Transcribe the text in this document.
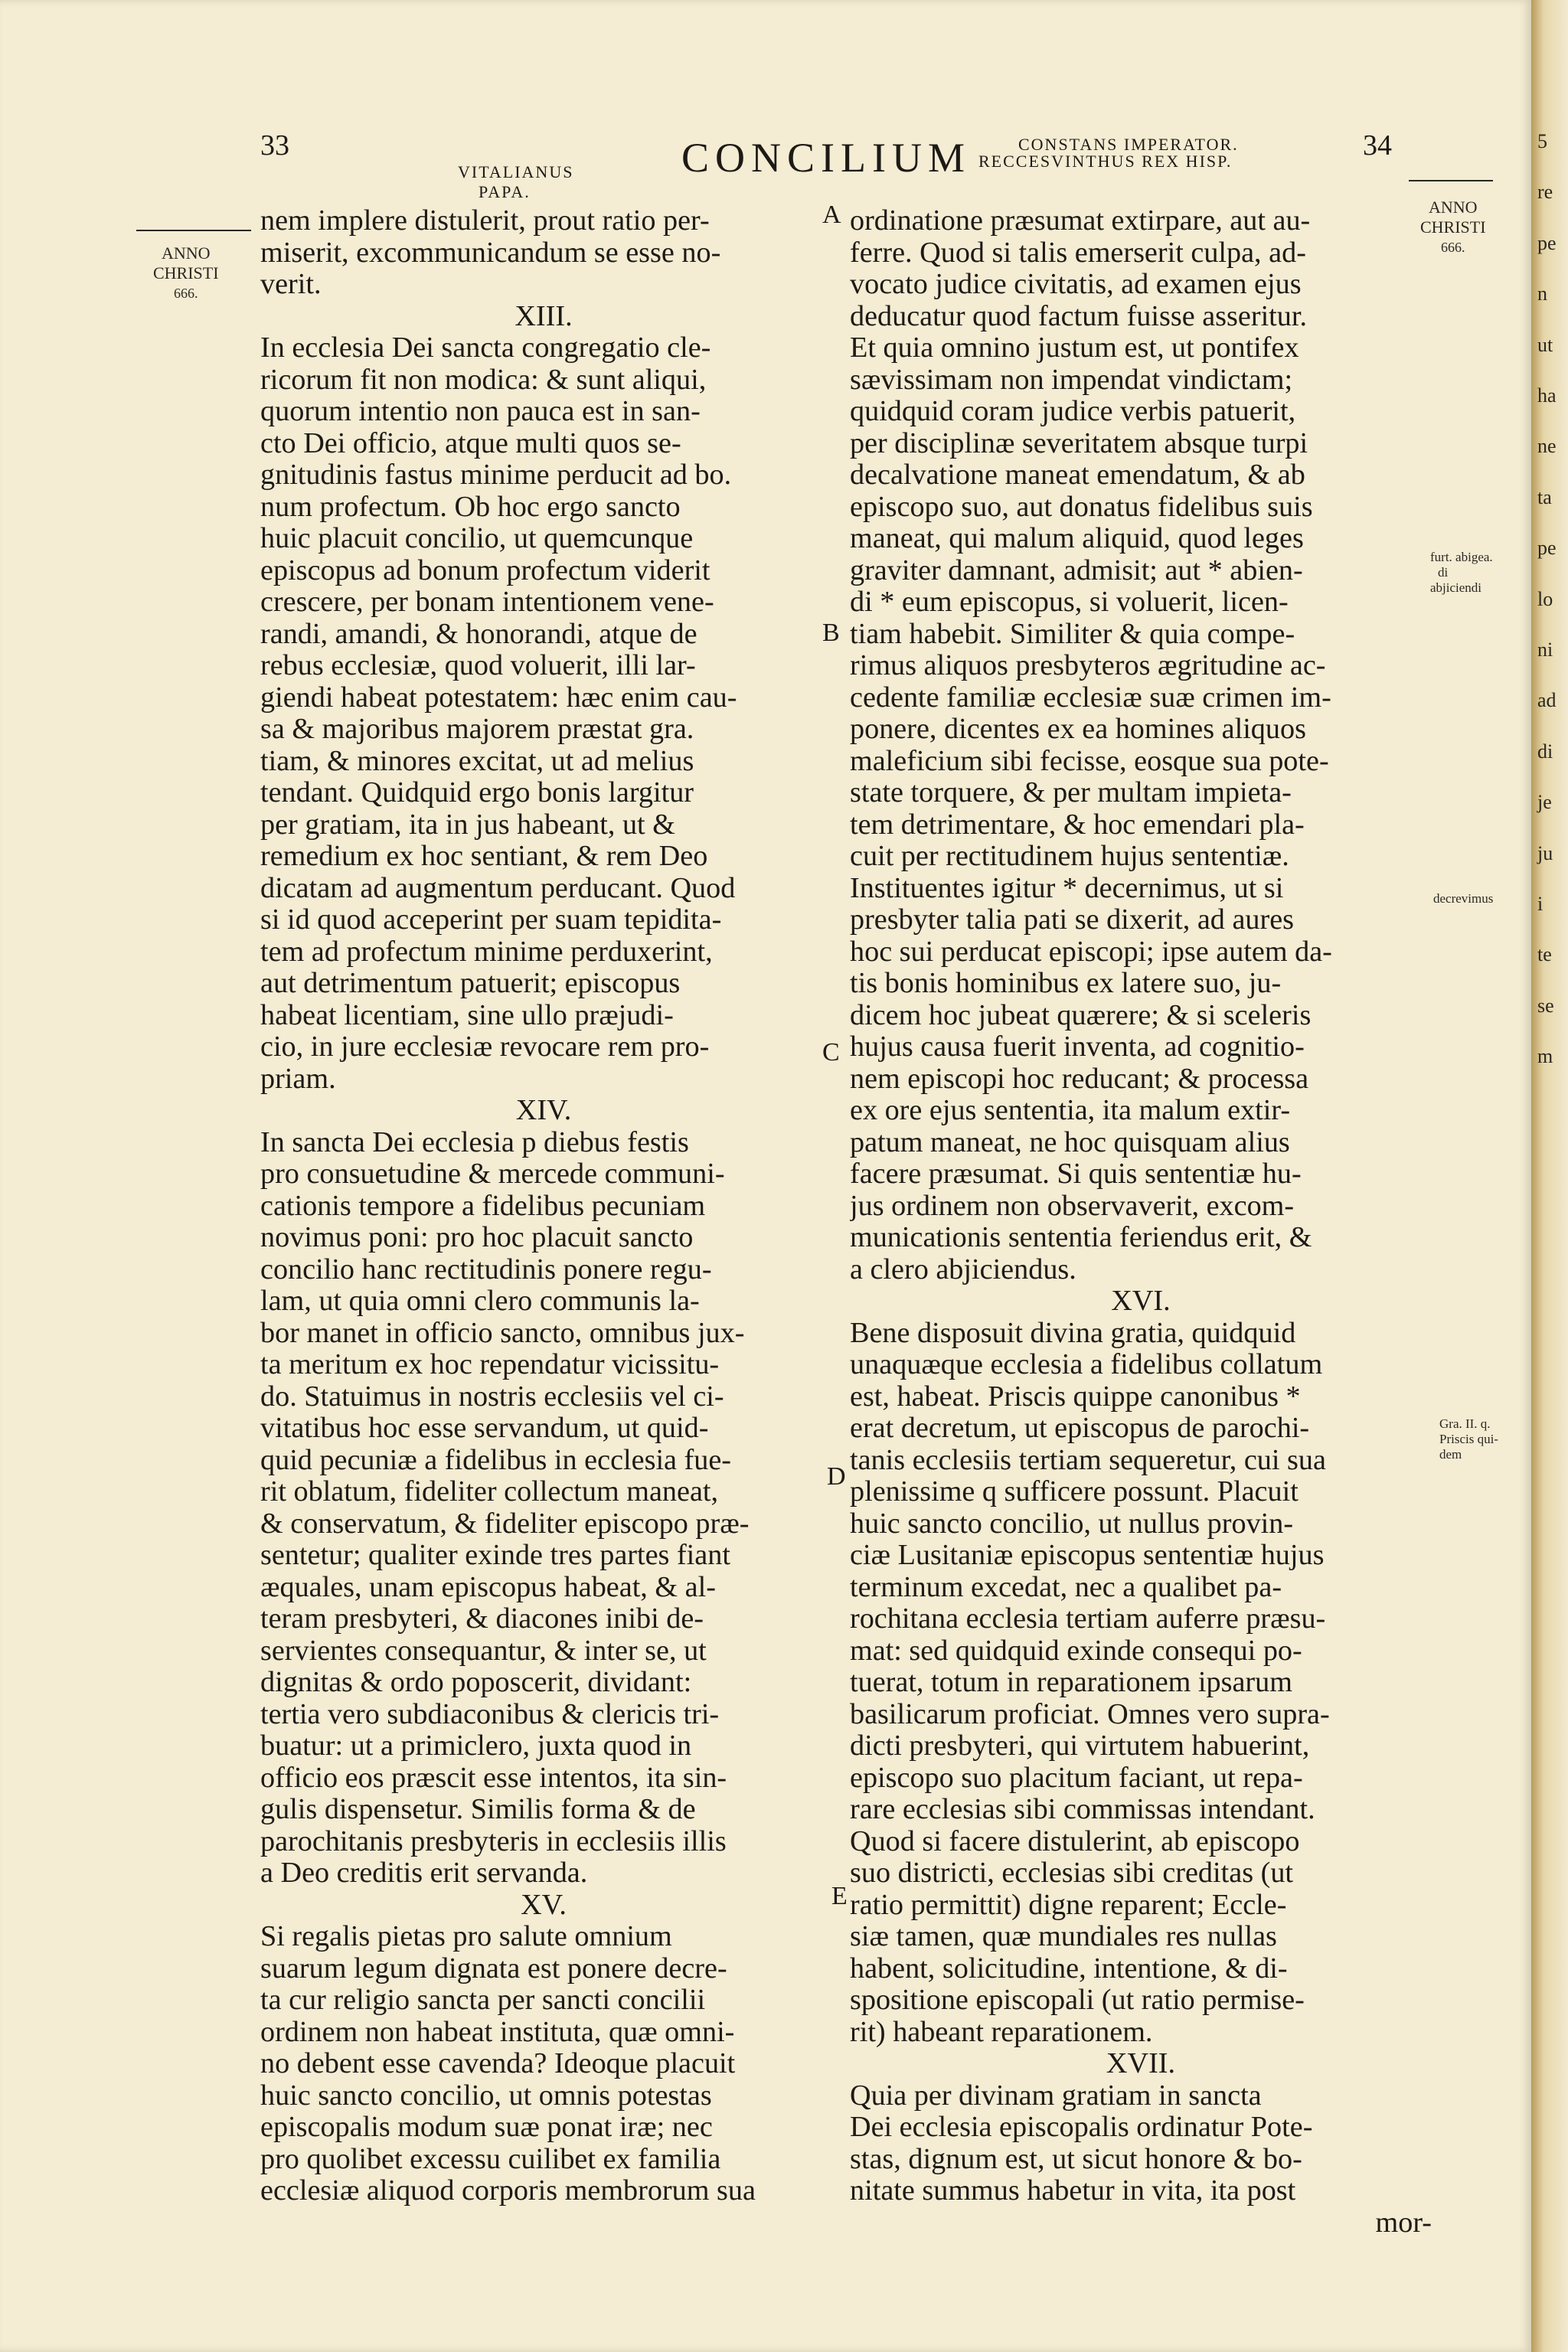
33
VITALIANUS
PAPA.
CONCILIUM	CONSTANS IMPERATOR.
RECCESVINTHUS REX HISP.	34
ANNO
CHRISTI
666.
ANNO
CHRISTI
666.
furt. abigea.
di
abjiciendi
decrevimus
Gra. II. q.
Priscis qui-
dem
A
B
C
D
E
nem implere distulerit, prout ratio per-
miserit, excommunicandum se esse no-
verit.
XIII.
In ecclesia Dei sancta congregatio cle-
ricorum fit non modica: & sunt aliqui,
quorum intentio non pauca est in san-
cto Dei officio, atque multi quos se-
gnitudinis fastus minime perducit ad bo.
num profectum. Ob hoc ergo sancto
huic placuit concilio, ut quemcunque
episcopus ad bonum profectum viderit
crescere, per bonam intentionem vene-
randi, amandi, & honorandi, atque de
rebus ecclesiæ, quod voluerit, illi lar-
giendi habeat potestatem: hæc enim cau-
sa & majoribus majorem præstat gra.
tiam, & minores excitat, ut ad melius
tendant. Quidquid ergo bonis largitur
per gratiam, ita in jus habeant, ut &
remedium ex hoc sentiant, & rem Deo
dicatam ad augmentum perducant. Quod
si id quod acceperint per suam tepidita-
tem ad profectum minime perduxerint,
aut detrimentum patuerit; episcopus
habeat licentiam, sine ullo præjudi-
cio, in jure ecclesiæ revocare rem pro-
priam.
XIV.
In sancta Dei ecclesia p diebus festis
pro consuetudine & mercede communi-
cationis tempore a fidelibus pecuniam
novimus poni: pro hoc placuit sancto
concilio hanc rectitudinis ponere regu-
lam, ut quia omni clero communis la-
bor manet in officio sancto, omnibus jux-
ta meritum ex hoc rependatur vicissitu-
do. Statuimus in nostris ecclesiis vel ci-
vitatibus hoc esse servandum, ut quid-
quid pecuniæ a fidelibus in ecclesia fue-
rit oblatum, fideliter collectum maneat,
& conservatum, & fideliter episcopo præ-
sentetur; qualiter exinde tres partes fiant
æquales, unam episcopus habeat, & al-
teram presbyteri, & diacones inibi de-
servientes consequantur, & inter se, ut
dignitas & ordo poposcerit, dividant:
tertia vero subdiaconibus & clericis tri-
buatur: ut a primiclero, juxta quod in
officio eos præscit esse intentos, ita sin-
gulis dispensetur. Similis forma & de
parochitanis presbyteris in ecclesiis illis
a Deo creditis erit servanda.
XV.
Si regalis pietas pro salute omnium
suarum legum dignata est ponere decre-
ta cur religio sancta per sancti concilii
ordinem non habeat instituta, quæ omni-
no debent esse cavenda? Ideoque placuit
huic sancto concilio, ut omnis potestas
episcopalis modum suæ ponat iræ; nec
pro quolibet excessu cuilibet ex familia
ecclesiæ aliquod corporis membrorum sua
ordinatione præsumat extirpare, aut au-
ferre. Quod si talis emerserit culpa, ad-
vocato judice civitatis, ad examen ejus
deducatur quod factum fuisse asseritur.
Et quia omnino justum est, ut pontifex
sævissimam non impendat vindictam;
quidquid coram judice verbis patuerit,
per disciplinæ severitatem absque turpi
decalvatione maneat emendatum, & ab
episcopo suo, aut donatus fidelibus suis
maneat, qui malum aliquid, quod leges
graviter damnant, admisit; aut * abien-
di * eum episcopus, si voluerit, licen-
tiam habebit. Similiter & quia compe-
rimus aliquos presbyteros ægritudine ac-
cedente familiæ ecclesiæ suæ crimen im-
ponere, dicentes ex ea homines aliquos
maleficium sibi fecisse, eosque sua pote-
state torquere, & per multam impieta-
tem detrimentare, & hoc emendari pla-
cuit per rectitudinem hujus sententiæ.
Instituentes igitur * decernimus, ut si
presbyter talia pati se dixerit, ad aures
hoc sui perducat episcopi; ipse autem da-
tis bonis hominibus ex latere suo, ju-
dicem hoc jubeat quærere; & si sceleris
hujus causa fuerit inventa, ad cognitio-
nem episcopi hoc reducant; & processa
ex ore ejus sententia, ita malum extir-
patum maneat, ne hoc quisquam alius
facere præsumat. Si quis sententiæ hu-
jus ordinem non observaverit, excom-
municationis sententia feriendus erit, &
a clero abjiciendus.
XVI.
Bene disposuit divina gratia, quidquid
unaquæque ecclesia a fidelibus collatum
est, habeat. Priscis quippe canonibus *
erat decretum, ut episcopus de parochi-
tanis ecclesiis tertiam sequeretur, cui sua
plenissime q sufficere possunt. Placuit
huic sancto concilio, ut nullus provin-
ciæ Lusitaniæ episcopus sententiæ hujus
terminum excedat, nec a qualibet pa-
rochitana ecclesia tertiam auferre præsu-
mat: sed quidquid exinde consequi po-
tuerat, totum in reparationem ipsarum
basilicarum proficiat. Omnes vero supra-
dicti presbyteri, qui virtutem habuerint,
episcopo suo placitum faciant, ut repa-
rare ecclesias sibi commissas intendant.
Quod si facere distulerint, ab episcopo
suo districti, ecclesias sibi creditas (ut
ratio permittit) digne reparent; Eccle-
siæ tamen, quæ mundiales res nullas
habent, solicitudine, intentione, & di-
spositione episcopali (ut ratio permise-
rit) habeant reparationem.
XVII.
Quia per divinam gratiam in sancta
Dei ecclesia episcopalis ordinatur Pote-
stas, dignum est, ut sicut honore & bo-
nitate summus habetur in vita, ita post
mor-
5
re
pe
n
ut
ha
ne
ta
pe
lo
ni
ad
di
je
ju
i
te
se
m
